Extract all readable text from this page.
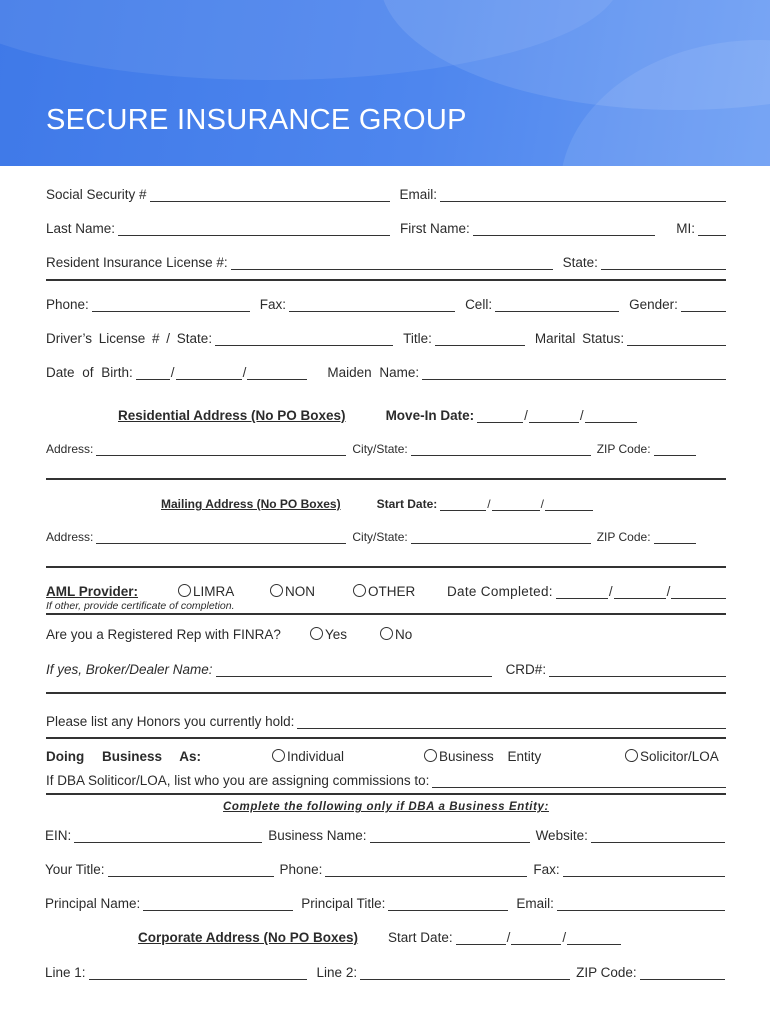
SECURE INSURANCE GROUP
Social Security #	Email:
Last Name:	First Name:	MI:
Resident Insurance License #:	State:
Phone:	Fax:	Cell:	Gender:
Driver’s License # / State:	Title:	Marital Status:
Date of Birth:	/	/	Maiden Name:
Residential Address (No PO Boxes)	Move-In Date:	/	/
Address:	City/State:	ZIP Code:
Mailing Address (No PO Boxes)	Start Date:	/	/
Address:	City/State:	ZIP Code:
AML Provider:	LIMRA	NON	OTHER Date Completed:	/	/
If other, provide certificate of completion.
Are you a Registered Rep with FINRA?	Yes	No
If yes, Broker/Dealer Name:	CRD#:
Please list any Honors you currently hold:
Doing Business As:	Individual	Business Entity	Solicitor/LOA
If DBA Soliticor/LOA, list who you are assigning commissions to:
Complete the following only if DBA a Business Entity:
EIN:	Business Name:	Website:
Your Title:	Phone:	Fax:
Principal Name:	Principal Title:	Email:
Corporate Address (No PO Boxes) Start Date:	/	/
Line 1:	Line 2:	ZIP Code:
